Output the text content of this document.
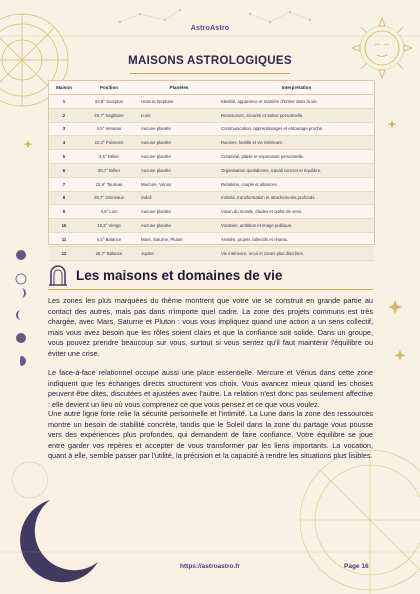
AstroAstro
MAISONS ASTROLOGIQUES
Maison	Position	Planètes	Interprétation
1	22,9° Scorpion	Uranus, Neptune	Identité, apparence et manière d'entrer dans la vie.
2	28,7° Sagittaire	Lune	Ressources, sécurité et valeur personnelle.
3	4,5° Verseau	Aucune planète	Communication, apprentissages et entourage proche.
4	10,3° Poissons	Aucune planète	Racines, famille et vie intérieure.
5	4,5° Bélier	Aucune planète	Créativité, plaisir et expression personnelle.
6	28,7° Bélier	Aucune planète	Organisation quotidienne, travail concret et équilibre.
7	22,9° Taureau	Mercure, Vénus	Relations, couple et alliances.
8	28,7° Gémeaux	Soleil	Intimité, transformation et attachements profonds.
9	4,5° Lion	Aucune planète	Vision du monde, études et quête de sens.
10	10,3° Vierge	Aucune planète	Vocation, ambition et image publique.
11	4,5° Balance	Mars, Saturne, Pluton	Amitiés, projets collectifs et réseau.
12	28,7° Balance	Jupiter	Vie intérieure, recul et zones plus discrètes.
Les maisons et domaines de vie

Les zones les plus marquées du thème montrent que votre vie se construit en grande partie au contact des autres, mais pas dans n'importe quel cadre. La zone des projets communs est très chargée, avec Mars, Saturne et Pluton : vous vous impliquez quand une action a un sens collectif, mais vous avez besoin que les rôles soient clairs et que la confiance soit solide. Dans un groupe, vous pouvez prendre beaucoup sur vous, surtout si vous sentez qu'il faut maintenir l'équilibre ou éviter une crise.

Le face-à-face relationnel occupe aussi une place essentielle. Mercure et Vénus dans cette zone indiquent que les échanges directs structurent vos choix. Vous avancez mieux quand les choses peuvent être dites, discutées et ajustées avec l'autre. La relation n'est donc pas seulement affective : elle devient un lieu où vous comprenez ce que vous pensez et ce que vous voulez.

Une autre ligne forte relie la sécurité personnelle et l'intimité. La Lune dans la zone des ressources montre un besoin de stabilité concrète, tandis que le Soleil dans la zone du partage vous pousse vers des expériences plus profondes, qui demandent de faire confiance. Votre équilibre se joue entre garder vos repères et accepter de vous transformer par les liens importants. La vocation, quant à elle, semble passer par l'utilité, la précision et la capacité à rendre les situations plus lisibles.

https://astroastro.fr	Page 16
